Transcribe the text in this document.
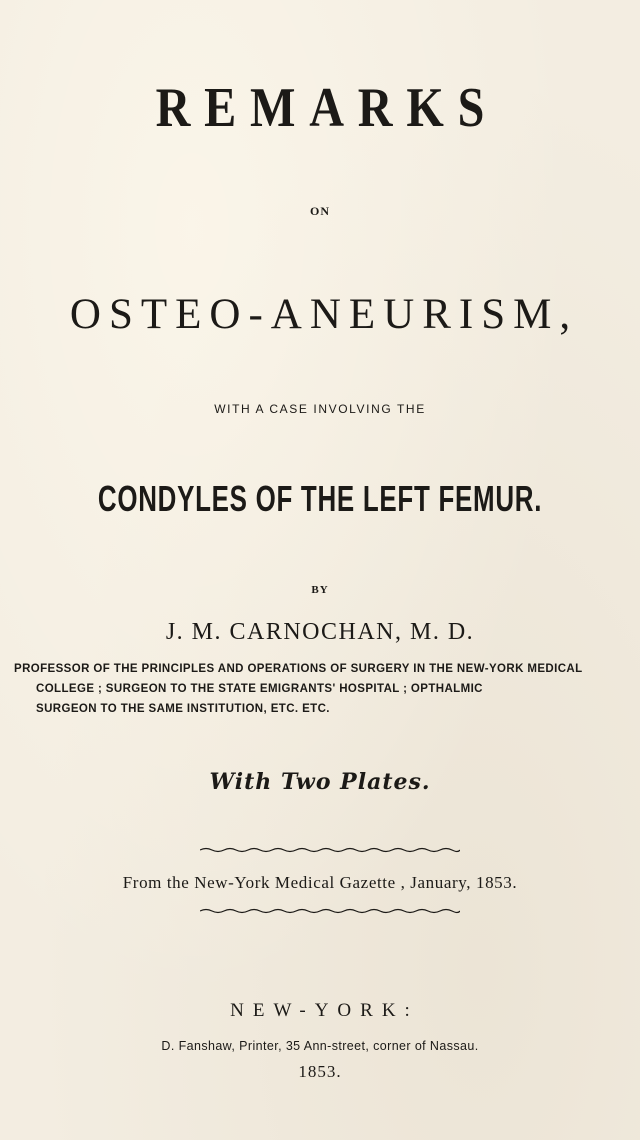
REMARKS
ON
OSTEO-ANEURISM,
WITH A CASE INVOLVING THE
CONDYLES OF THE LEFT FEMUR.
BY
J. M. CARNOCHAN, M. D.
PROFESSOR OF THE PRINCIPLES AND OPERATIONS OF SURGERY IN THE NEW-YORK MEDICAL
COLLEGE ; SURGEON TO THE STATE EMIGRANTS' HOSPITAL ; OPTHALMIC
SURGEON TO THE SAME INSTITUTION, ETC. ETC.
With Two Plates.
From the New-York Medical Gazette , January, 1853.
NEW-YORK:
D. Fanshaw, Printer, 35 Ann-street, corner of Nassau.
1853.
